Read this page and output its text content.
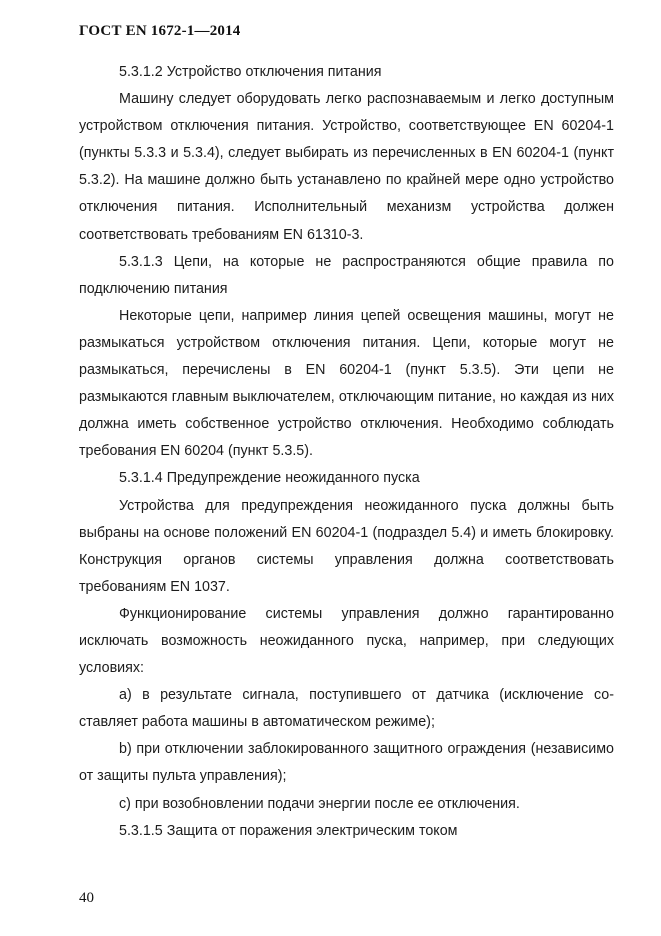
ГОСТ EN 1672-1—2014

5.3.1.2 Устройство отключения питания

Машину следует оборудовать легко распознаваемым и легко доступным устройством отключения питания. Устройство, соответствующее EN 60204-1 (пункты 5.3.3 и 5.3.4), следует выбирать из перечисленных в EN 60204-1 (пункт 5.3.2). На машине должно быть устанавлено по крайней мере одно устройство отключения питания. Исполнительный механизм устройства должен соответствовать требованиям EN 61310-3.

5.3.1.3 Цепи, на которые не распространяются общие правила по подключению питания

Некоторые цепи, например линия цепей освещения машины, могут не размыкаться устройством отключения питания. Цепи, которые могут не размыкаться, перечислены в EN 60204-1 (пункт 5.3.5). Эти цепи не размыкаются главным выключателем, отключающим питание, но каждая из них должна иметь собственное устройство отключения. Необходимо соблюдать требования EN 60204 (пункт 5.3.5).

5.3.1.4 Предупреждение неожиданного пуска

Устройства для предупреждения неожиданного пуска должны быть выбраны на основе положений EN 60204-1 (подраздел 5.4) и иметь блокировку. Конструкция органов системы управления должна соответствовать требованиям EN 1037.

Функционирование системы управления должно гарантированно исключать возможность неожиданного пуска, например, при следующих условиях:

a) в результате сигнала, поступившего от датчика (исключение составляет работа машины в автоматическом режиме);

b) при отключении заблокированного защитного ограждения (независимо от защиты пульта управления);

c) при возобновлении подачи энергии после ее отключения.

5.3.1.5 Защита от поражения электрическим током

40
